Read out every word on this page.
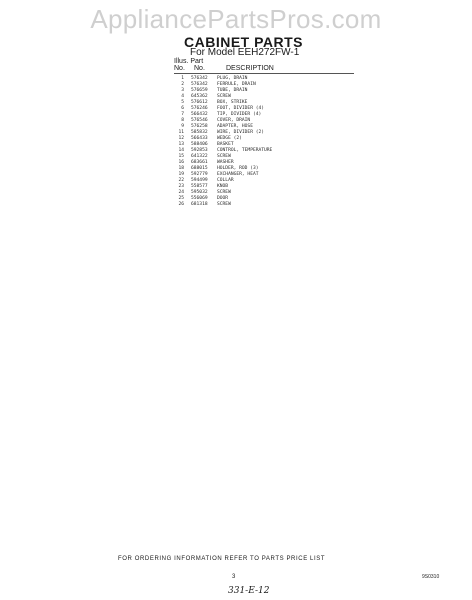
AppliancePartsPros.com
CABINET PARTS
For Model EEH272FW-1
Illus. Part
No. No.	DESCRIPTION
1 576342 PLUG, DRAIN
2 576342 FERRULE, DRAIN
3 576659 TUBE, DRAIN
4 645362 SCREW
5 576612 BOX, STRIKE
6 576246 FOOT, DIVIDER (4)
7 566432 TIP, DIVIDER (4)
8 576546 COVER, DRAIN
9 576258 ADAPTER, HOSE
11 585832 WIRE, DIVIDER (2)
12 566433 WEDGE (2)
13 588406 BASKET
14 592853 CONTROL, TEMPERATURE
15 641322 SCREW
16 683661 WASHER
18 688015 HOLDER, ROD (3)
19 592779 EXCHANGER, HEAT
22 594499 COLLAR
23 558577 KNOB
24 595032 SCREW
25 556069 DOOR
26 681318 SCREW
FOR ORDERING INFORMATION REFER TO PARTS PRICE LIST
3	9S0310
331-E-12
